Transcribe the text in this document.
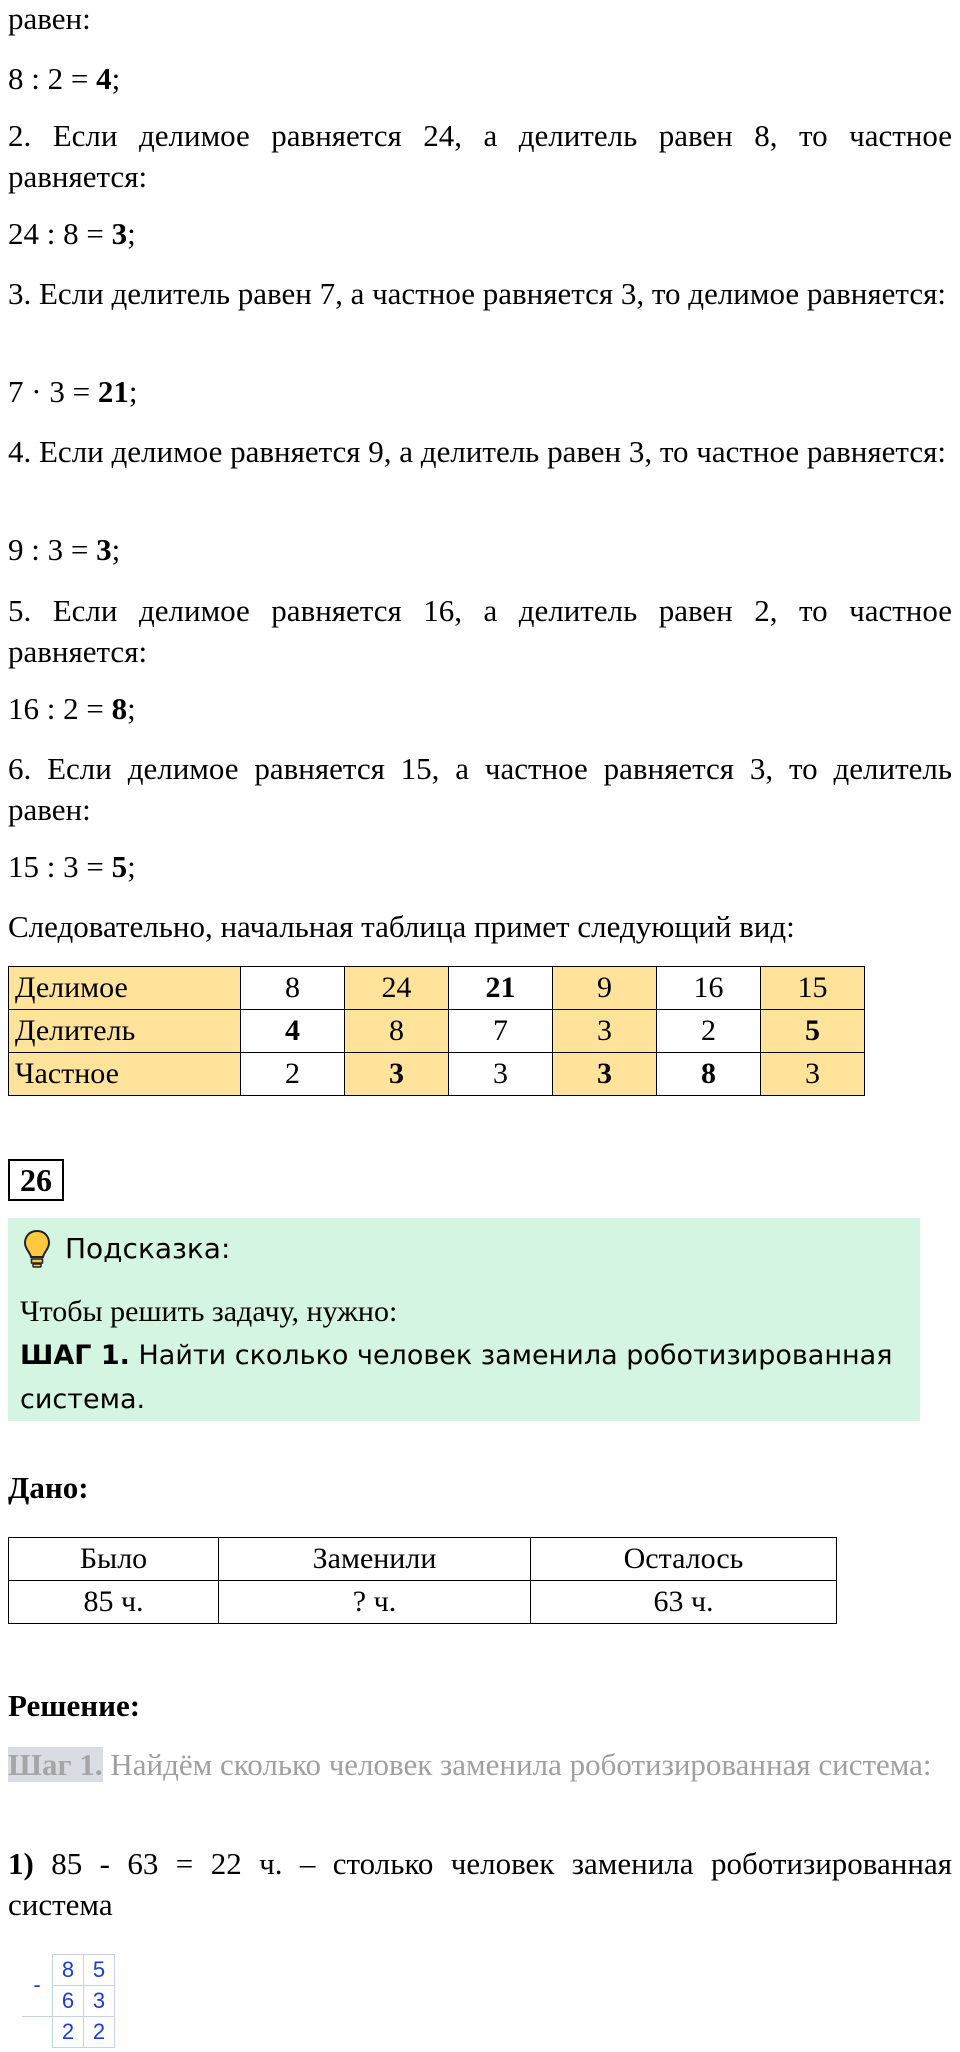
равен:
8 : 2 = 4;
2. Если делимое равняется 24, а делитель равен 8, то частное равняется:
24 : 8 = 3;
3. Если делитель равен 7, а частное равняется 3, то делимое равняется:
7 · 3 = 21;
4. Если делимое равняется 9, а делитель равен 3, то частное равняется:
9 : 3 = 3;
5. Если делимое равняется 16, а делитель равен 2, то частное равняется:
16 : 2 = 8;
6. Если делимое равняется 15, а частное равняется 3, то делитель равен:
15 : 3 = 5;
Следовательно, начальная таблица примет следующий вид:
Делимое	8	24	21	9	16	15
Делитель	4	8	7	3	2	5
Частное	2	3	3	3	8	3
26
Подсказка:
Чтобы решить задачу, нужно:
ШАГ 1. Найти сколько человек заменила роботизированная система.
Дано:
Было	Заменили	Осталось
85 ч.	? ч.	63 ч.
Решение:
Шаг 1. Найдём сколько человек заменила роботизированная система:
1) 85 - 63 = 22 ч. – столько человек заменила роботизированная система
-	8	5
	6	3
	2	2
